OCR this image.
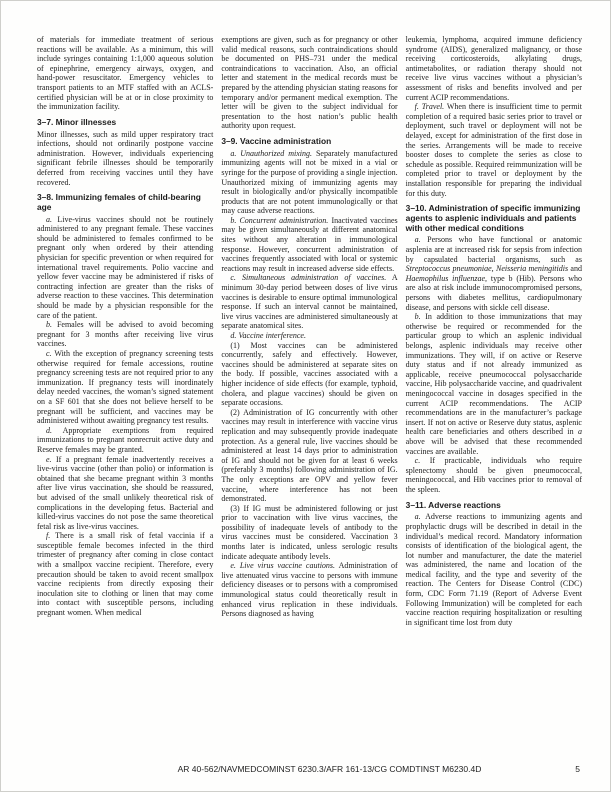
of materials for immediate treatment of serious reactions will be available. As a minimum, this will include syringes containing 1:1,000 aqueous solution of epinephrine, emergency airways, oxygen, and hand-power resuscitator. Emergency vehicles to transport patients to an MTF staffed with an ACLS-certified physician will be at or in close proximity to the immunization facility.
3–7. Minor illnesses
Minor illnesses, such as mild upper respiratory tract infections, should not ordinarily postpone vaccine administration. However, individuals experiencing significant febrile illnesses should be temporarily deferred from receiving vaccines until they have recovered.
3–8. Immunizing females of child-bearing age
a. Live-virus vaccines should not be routinely administered to any pregnant female. These vaccines should be administered to females confirmed to be pregnant only when ordered by their attending physician for specific prevention or when required for international travel requirements. Polio vaccine and yellow fever vaccine may be administered if risks of contracting infection are greater than the risks of adverse reaction to these vaccines. This determination should be made by a physician responsible for the care of the patient.
b. Females will be advised to avoid becoming pregnant for 3 months after receiving live virus vaccines.
c. With the exception of pregnancy screening tests otherwise required for female accessions, routine pregnancy screening tests are not required prior to any immunization. If pregnancy tests will inordinately delay needed vaccines, the woman’s signed statement on a SF 601 that she does not believe herself to be pregnant will be sufficient, and vaccines may be administered without awaiting pregnancy test results.
d. Appropriate exemptions from required immunizations to pregnant nonrecruit active duty and Reserve females may be granted.
e. If a pregnant female inadvertently receives a live-virus vaccine (other than polio) or information is obtained that she became pregnant within 3 months after live virus vaccination, she should be reassured, but advised of the small unlikely theoretical risk of complications in the developing fetus. Bacterial and killed-virus vaccines do not pose the same theoretical fetal risk as live-virus vaccines.
f. There is a small risk of fetal vaccinia if a susceptible female becomes infected in the third trimester of pregnancy after coming in close contact with a smallpox vaccine recipient. Therefore, every precaution should be taken to avoid recent smallpox vaccine recipients from directly exposing their inoculation site to clothing or linen that may come into contact with susceptible persons, including pregnant women. When medical
exemptions are given, such as for pregnancy or other valid medical reasons, such contraindications should be documented on PHS–731 under the medical contraindications to vaccination. Also, an official letter and statement in the medical records must be prepared by the attending physician stating reasons for temporary and/or permanent medical exemption. The letter will be given to the subject individual for presentation to the host nation’s public health authority upon request.
3–9. Vaccine administration
a. Unauthorized mixing. Separately manufactured immunizing agents will not be mixed in a vial or syringe for the purpose of providing a single injection. Unauthorized mixing of immunizing agents may result in biologically and/or physically incompatible products that are not potent immunologically or that may cause adverse reactions.
b. Concurrent administration. Inactivated vaccines may be given simultaneously at different anatomical sites without any alteration in immunological response. However, concurrent administration of vaccines frequently associated with local or systemic reactions may result in increased adverse side effects.
c. Simultaneous administration of vaccines. A minimum 30-day period between doses of live virus vaccines is desirable to ensure optimal immunological response. If such an interval cannot be maintained, live virus vaccines are administered simultaneously at separate anatomical sites.
d. Vaccine interference.
(1) Most vaccines can be administered concurrently, safely and effectively. However, vaccines should be administered at separate sites on the body. If possible, vaccines associated with a higher incidence of side effects (for example, typhoid, cholera, and plague vaccines) should be given on separate occasions.
(2) Administration of IG concurrently with other vaccines may result in interference with vaccine virus replication and may subsequently provide inadequate protection. As a general rule, live vaccines should be administered at least 14 days prior to administration of IG and should not be given for at least 6 weeks (preferably 3 months) following administration of IG. The only exceptions are OPV and yellow fever vaccine, where interference has not been demonstrated.
(3) If IG must be administered following or just prior to vaccination with live virus vaccines, the possibility of inadequate levels of antibody to the virus vaccines must be considered. Vaccination 3 months later is indicated, unless serologic results indicate adequate antibody levels.
e. Live virus vaccine cautions. Administration of live attenuated virus vaccine to persons with immune deficiency diseases or to persons with a compromised immunological status could theoretically result in enhanced virus replication in these individuals. Persons diagnosed as having
leukemia, lymphoma, acquired immune deficiency syndrome (AIDS), generalized malignancy, or those receiving corticosteroids, alkylating drugs, antimetabolites, or radiation therapy should not receive live virus vaccines without a physician’s assessment of risks and benefits involved and per current ACIP recommendations.
f. Travel. When there is insufficient time to permit completion of a required basic series prior to travel or deployment, such travel or deployment will not be delayed, except for administration of the first dose in the series. Arrangements will be made to receive booster doses to complete the series as close to schedule as possible. Required reimmunization will be completed prior to travel or deployment by the installation responsible for preparing the individual for this duty.
3–10. Administration of specific immunizing agents to asplenic individuals and patients with other medical conditions
a. Persons who have functional or anatomic asplenia are at increased risk for sepsis from infection by capsulated bacterial organisms, such as Streptococcus pneumoniae, Neisseria meningitidis and Haemophilus influenzae, type b (Hib). Persons who are also at risk include immunocompromised persons, persons with diabetes mellitus, cardiopulmonary disease, and persons with sickle cell disease.
b. In addition to those immunizations that may otherwise be required or recommended for the particular group to which an asplenic individual belongs, asplenic individuals may receive other immunizations. They will, if on active or Reserve duty status and if not already immunized as applicable, receive pneumococcal polysaccharide vaccine, Hib polysaccharide vaccine, and quadrivalent meningococcal vaccine in dosages specified in the current ACIP recommendations. The ACIP recommendations are in the manufacturer’s package insert. If not on active or Reserve duty status, asplenic health care beneficiaries and others described in a above will be advised that these recommended vaccines are available.
c. If practicable, individuals who require splenectomy should be given pneumococcal, meningococcal, and Hib vaccines prior to removal of the spleen.
3–11. Adverse reactions
a. Adverse reactions to immunizing agents and prophylactic drugs will be described in detail in the individual’s medical record. Mandatory information consists of identification of the biological agent, the lot number and manufacturer, the date the materiel was administered, the name and location of the medical facility, and the type and severity of the reaction. The Centers for Disease Control (CDC) form, CDC Form 71.19 (Report of Adverse Event Following Immunization) will be completed for each vaccine reaction requiring hospitalization or resulting in significant time lost from duty
AR 40-562/NAVMEDCOMINST 6230.3/AFR 161-13/CG COMDTINST M6230.4D	5
